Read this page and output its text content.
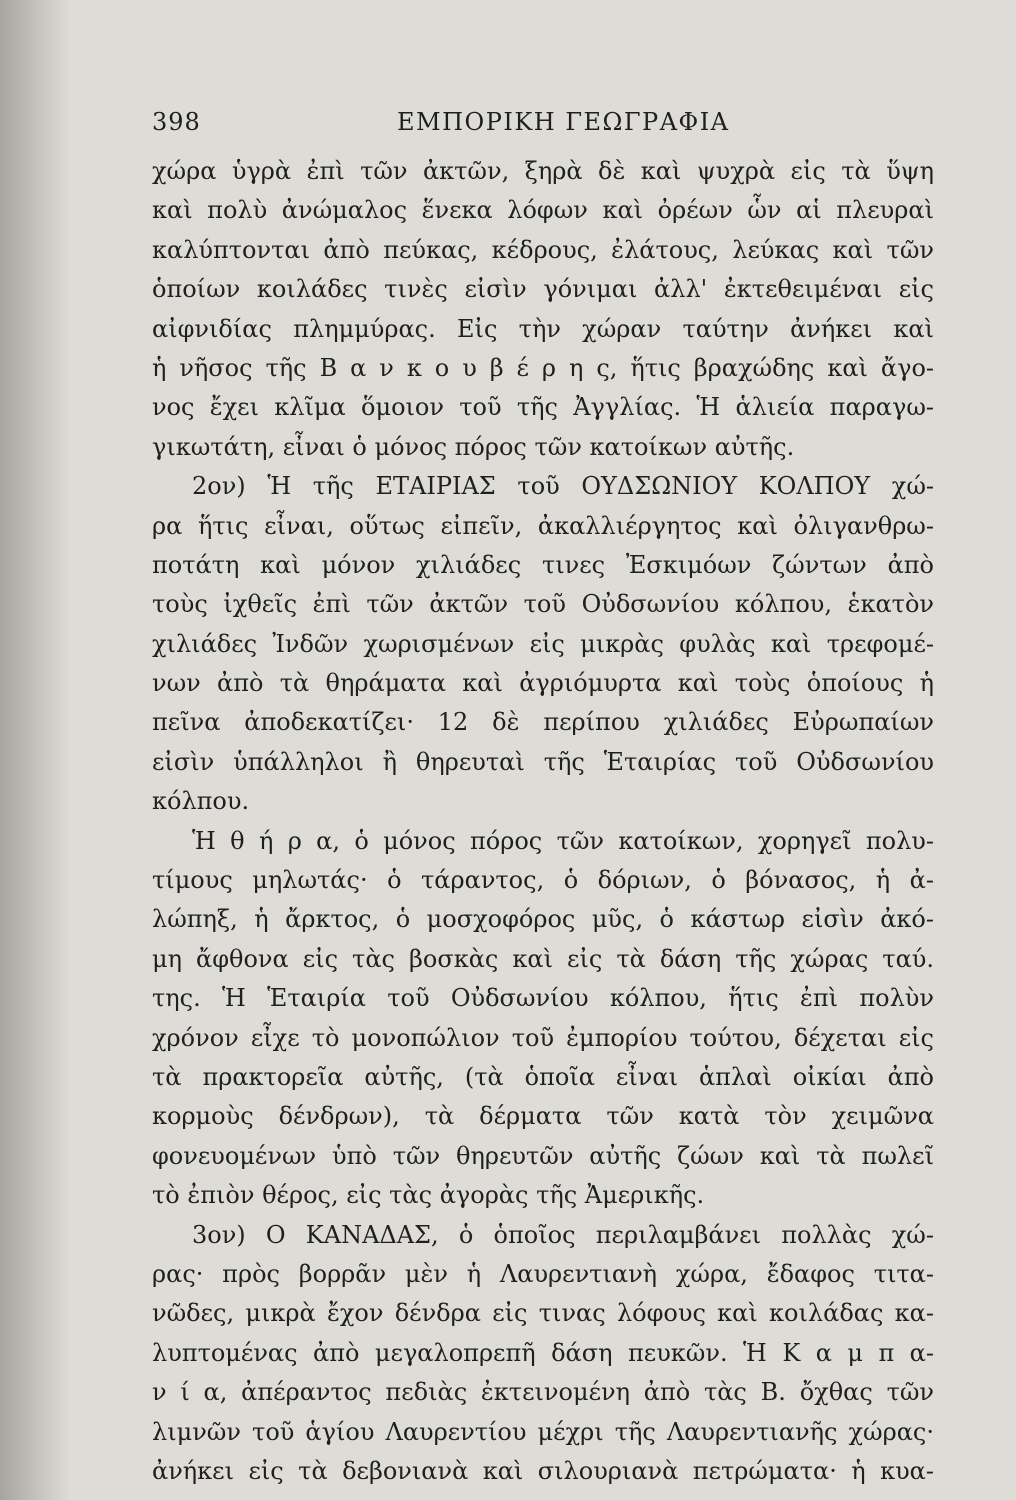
398	ΕΜΠΟΡΙΚΗ ΓΕΩΓΡΑΦΙΑ
χώρα ὑγρὰ ἐπὶ τῶν ἀκτῶν, ξηρὰ δὲ καὶ ψυχρὰ εἰς τὰ ὕψη
καὶ πολὺ ἀνώμαλος ἕνεκα λόφων καὶ ὀρέων ὧν αἱ πλευραὶ
καλύπτονται ἀπὸ πεύκας, κέδρους, ἐλάτους, λεύκας καὶ τῶν
ὁποίων κοιλάδες τινὲς εἰσὶν γόνιμαι ἀλλ' ἐκτεθειμέναι εἰς
αἰφνιδίας πλημμύρας. Εἰς τὴν χώραν ταύτην ἀνήκει καὶ
ἡ νῆσος τῆς Β α ν κ ο υ β έ ρ η ς, ἥτις βραχώδης καὶ ἄγο-
νος ἔχει κλῖμα ὅμοιον τοῦ τῆς Ἀγγλίας. Ἡ ἁλιεία παραγω-
γικωτάτη, εἶναι ὁ μόνος πόρος τῶν κατοίκων αὐτῆς.
2ον) Ἡ τῆς ΕΤΑΙΡΙΑΣ τοῦ ΟΥΔΣΩΝΙΟΥ ΚΟΛΠΟΥ χώ-
ρα ἥτις εἶναι, οὕτως εἰπεῖν, ἀκαλλιέργητος καὶ ὀλιγανθρω-
ποτάτη καὶ μόνον χιλιάδες τινες Ἐσκιμόων ζώντων ἀπὸ
τοὺς ἰχθεῖς ἐπὶ τῶν ἀκτῶν τοῦ Οὐδσωνίου κόλπου, ἑκατὸν
χιλιάδες Ἰνδῶν χωρισμένων εἰς μικρὰς φυλὰς καὶ τρεφομέ-
νων ἀπὸ τὰ θηράματα καὶ ἀγριόμυρτα καὶ τοὺς ὁποίους ἡ
πεῖνα ἀποδεκατίζει· 12 δὲ περίπου χιλιάδες Εὐρωπαίων
εἰσὶν ὑπάλληλοι ἢ θηρευταὶ τῆς Ἑταιρίας τοῦ Οὐδσωνίου
κόλπου.
Ἡ θ ή ρ α, ὁ μόνος πόρος τῶν κατοίκων, χορηγεῖ πολυ-
τίμους μηλωτάς· ὁ τάραντος, ὁ δόριων, ὁ βόνασος, ἡ ἀ-
λώπηξ, ἡ ἄρκτος, ὁ μοσχοφόρος μῦς, ὁ κάστωρ εἰσὶν ἀκό-
μη ἄφθονα εἰς τὰς βοσκὰς καὶ εἰς τὰ δάση τῆς χώρας ταύ.
της. Ἡ Ἑταιρία τοῦ Οὐδσωνίου κόλπου, ἥτις ἐπὶ πολὺν
χρόνον εἶχε τὸ μονοπώλιον τοῦ ἐμπορίου τούτου, δέχεται εἰς
τὰ πρακτορεῖα αὐτῆς, (τὰ ὁποῖα εἶναι ἁπλαὶ οἰκίαι ἀπὸ
κορμοὺς δένδρων), τὰ δέρματα τῶν κατὰ τὸν χειμῶνα
φονευομένων ὑπὸ τῶν θηρευτῶν αὐτῆς ζώων καὶ τὰ πωλεῖ
τὸ ἐπιὸν θέρος, εἰς τὰς ἀγορὰς τῆς Ἀμερικῆς.
3ον) Ο ΚΑΝΑΔΑΣ, ὁ ὁποῖος περιλαμβάνει πολλὰς χώ-
ρας· πρὸς βορρᾶν μὲν ἡ Λαυρεντιανὴ χώρα, ἔδαφος τιτα-
νῶδες, μικρὰ ἔχον δένδρα εἰς τινας λόφους καὶ κοιλάδας κα-
λυπτομένας ἀπὸ μεγαλοπρεπῆ δάση πευκῶν. Ἡ Κ α μ π α-
ν ί α, ἀπέραντος πεδιὰς ἐκτεινομένη ἀπὸ τὰς Β. ὄχθας τῶν
λιμνῶν τοῦ ἁγίου Λαυρεντίου μέχρι τῆς Λαυρεντιανῆς χώρας·
ἀνήκει εἰς τὰ δεβονιανὰ καὶ σιλουριανὰ πετρώματα· ἡ κυα-
